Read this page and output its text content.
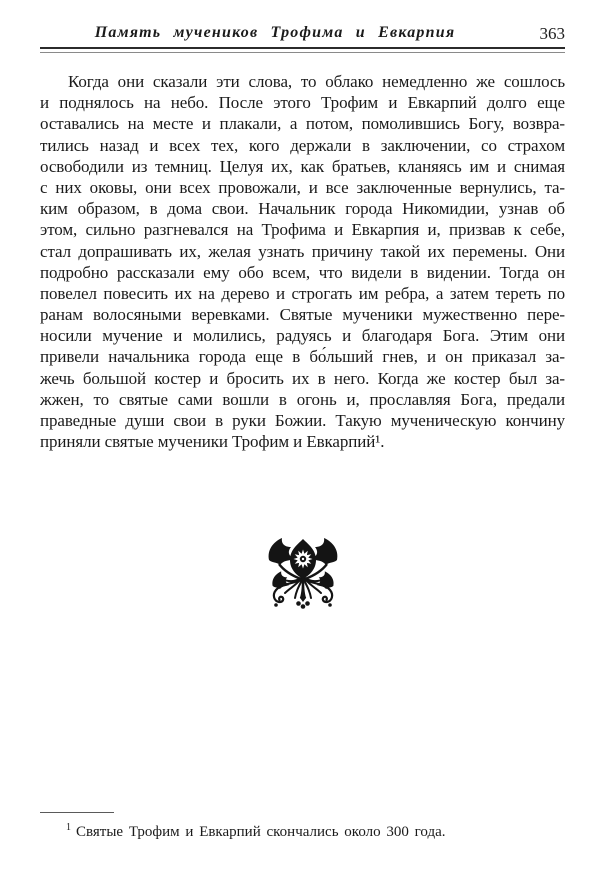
Память мучеников Трофима и Евкарпия	363
Когда они сказали эти слова, то облако немедленно же сошлось
и поднялось на небо. После этого Трофим и Евкарпий долго еще
оставались на месте и плакали, а потом, помолившись Богу, возвра-
тились назад и всех тех, кого держали в заключении, со страхом
освободили из темниц. Целуя их, как братьев, кланяясь им и снимая
с них оковы, они всех провожали, и все заключенные вернулись, та-
ким образом, в дома свои. Начальник города Никомидии, узнав об
этом, сильно разгневался на Трофима и Евкарпия и, призвав к себе,
стал допрашивать их, желая узнать причину такой их перемены. Они
подробно рассказали ему обо всем, что видели в видении. Тогда он
повелел повесить их на дерево и строгать им ребра, а затем тереть по
ранам волосяными веревками. Святые мученики мужественно пере-
носили мучение и молились, радуясь и благодаря Бога. Этим они
привели начальника города еще в бо́льший гнев, и он приказал за-
жечь большой костер и бросить их в него. Когда же костер был за-
жжен, то святые сами вошли в огонь и, прославляя Бога, предали
праведные души свои в руки Божии. Такую мученическую кончину
приняли святые мученики Трофим и Евкарпий¹.
$^1$ Святые Трофим и Евкарпий скончались около 300 года.
